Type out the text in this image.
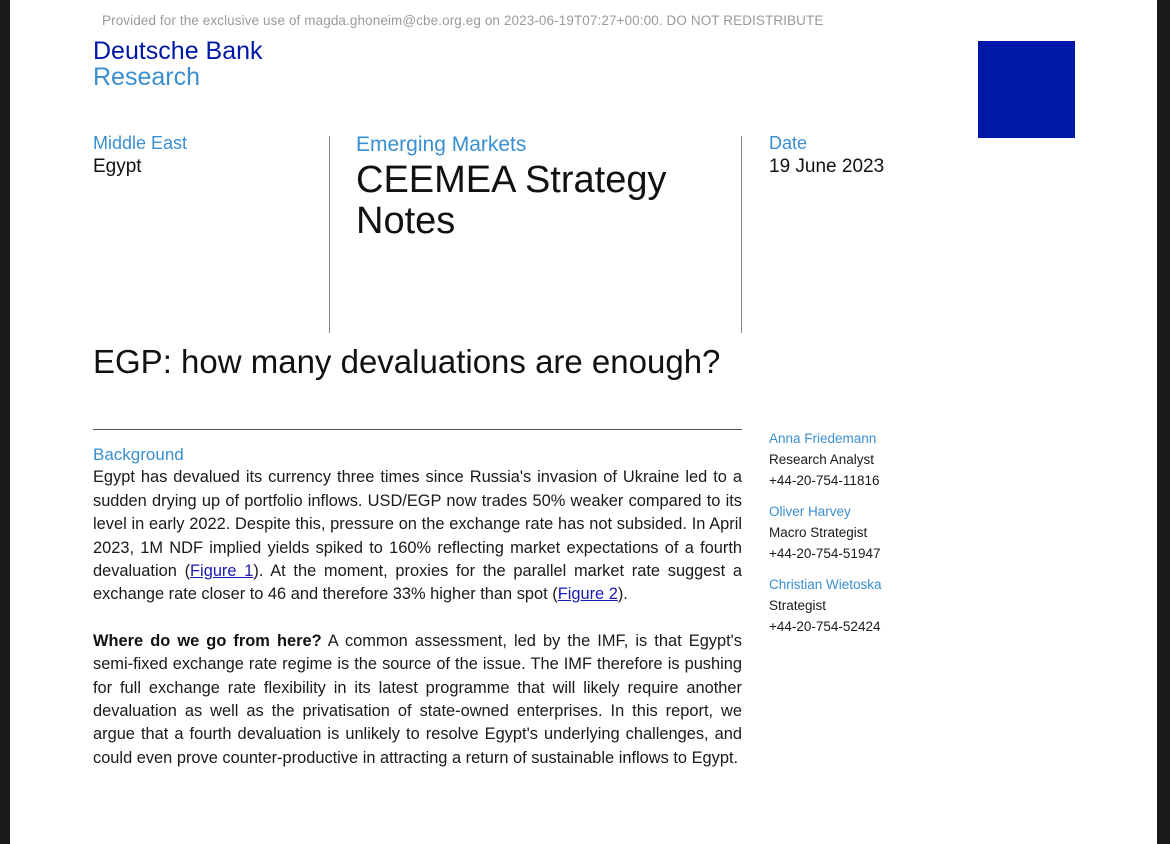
Provided for the exclusive use of magda.ghoneim@cbe.org.eg on 2023-06-19T07:27+00:00. DO NOT REDISTRIBUTE
Deutsche Bank
Research
Middle East
Egypt
Emerging Markets
CEEMEA Strategy Notes
Date
19 June 2023
EGP: how many devaluations are enough?
Background

Egypt has devalued its currency three times since Russia's invasion of Ukraine led to a sudden drying up of portfolio inflows. USD/EGP now trades 50% weaker compared to its level in early 2022. Despite this, pressure on the exchange rate has not subsided. In April 2023, 1M NDF implied yields spiked to 160% reflecting market expectations of a fourth devaluation (Figure 1). At the moment, proxies for the parallel market rate suggest a exchange rate closer to 46 and therefore 33% higher than spot (Figure 2).

Where do we go from here? A common assessment, led by the IMF, is that Egypt's semi-fixed exchange rate regime is the source of the issue. The IMF therefore is pushing for full exchange rate flexibility in its latest programme that will likely require another devaluation as well as the privatisation of state-owned enterprises. In this report, we argue that a fourth devaluation is unlikely to resolve Egypt's underlying challenges, and could even prove counter-productive in attracting a return of sustainable inflows to Egypt.

Anna Friedemann
Research Analyst
+44-20-754-11816
Oliver Harvey
Macro Strategist
+44-20-754-51947
Christian Wietoska
Strategist
+44-20-754-52424
